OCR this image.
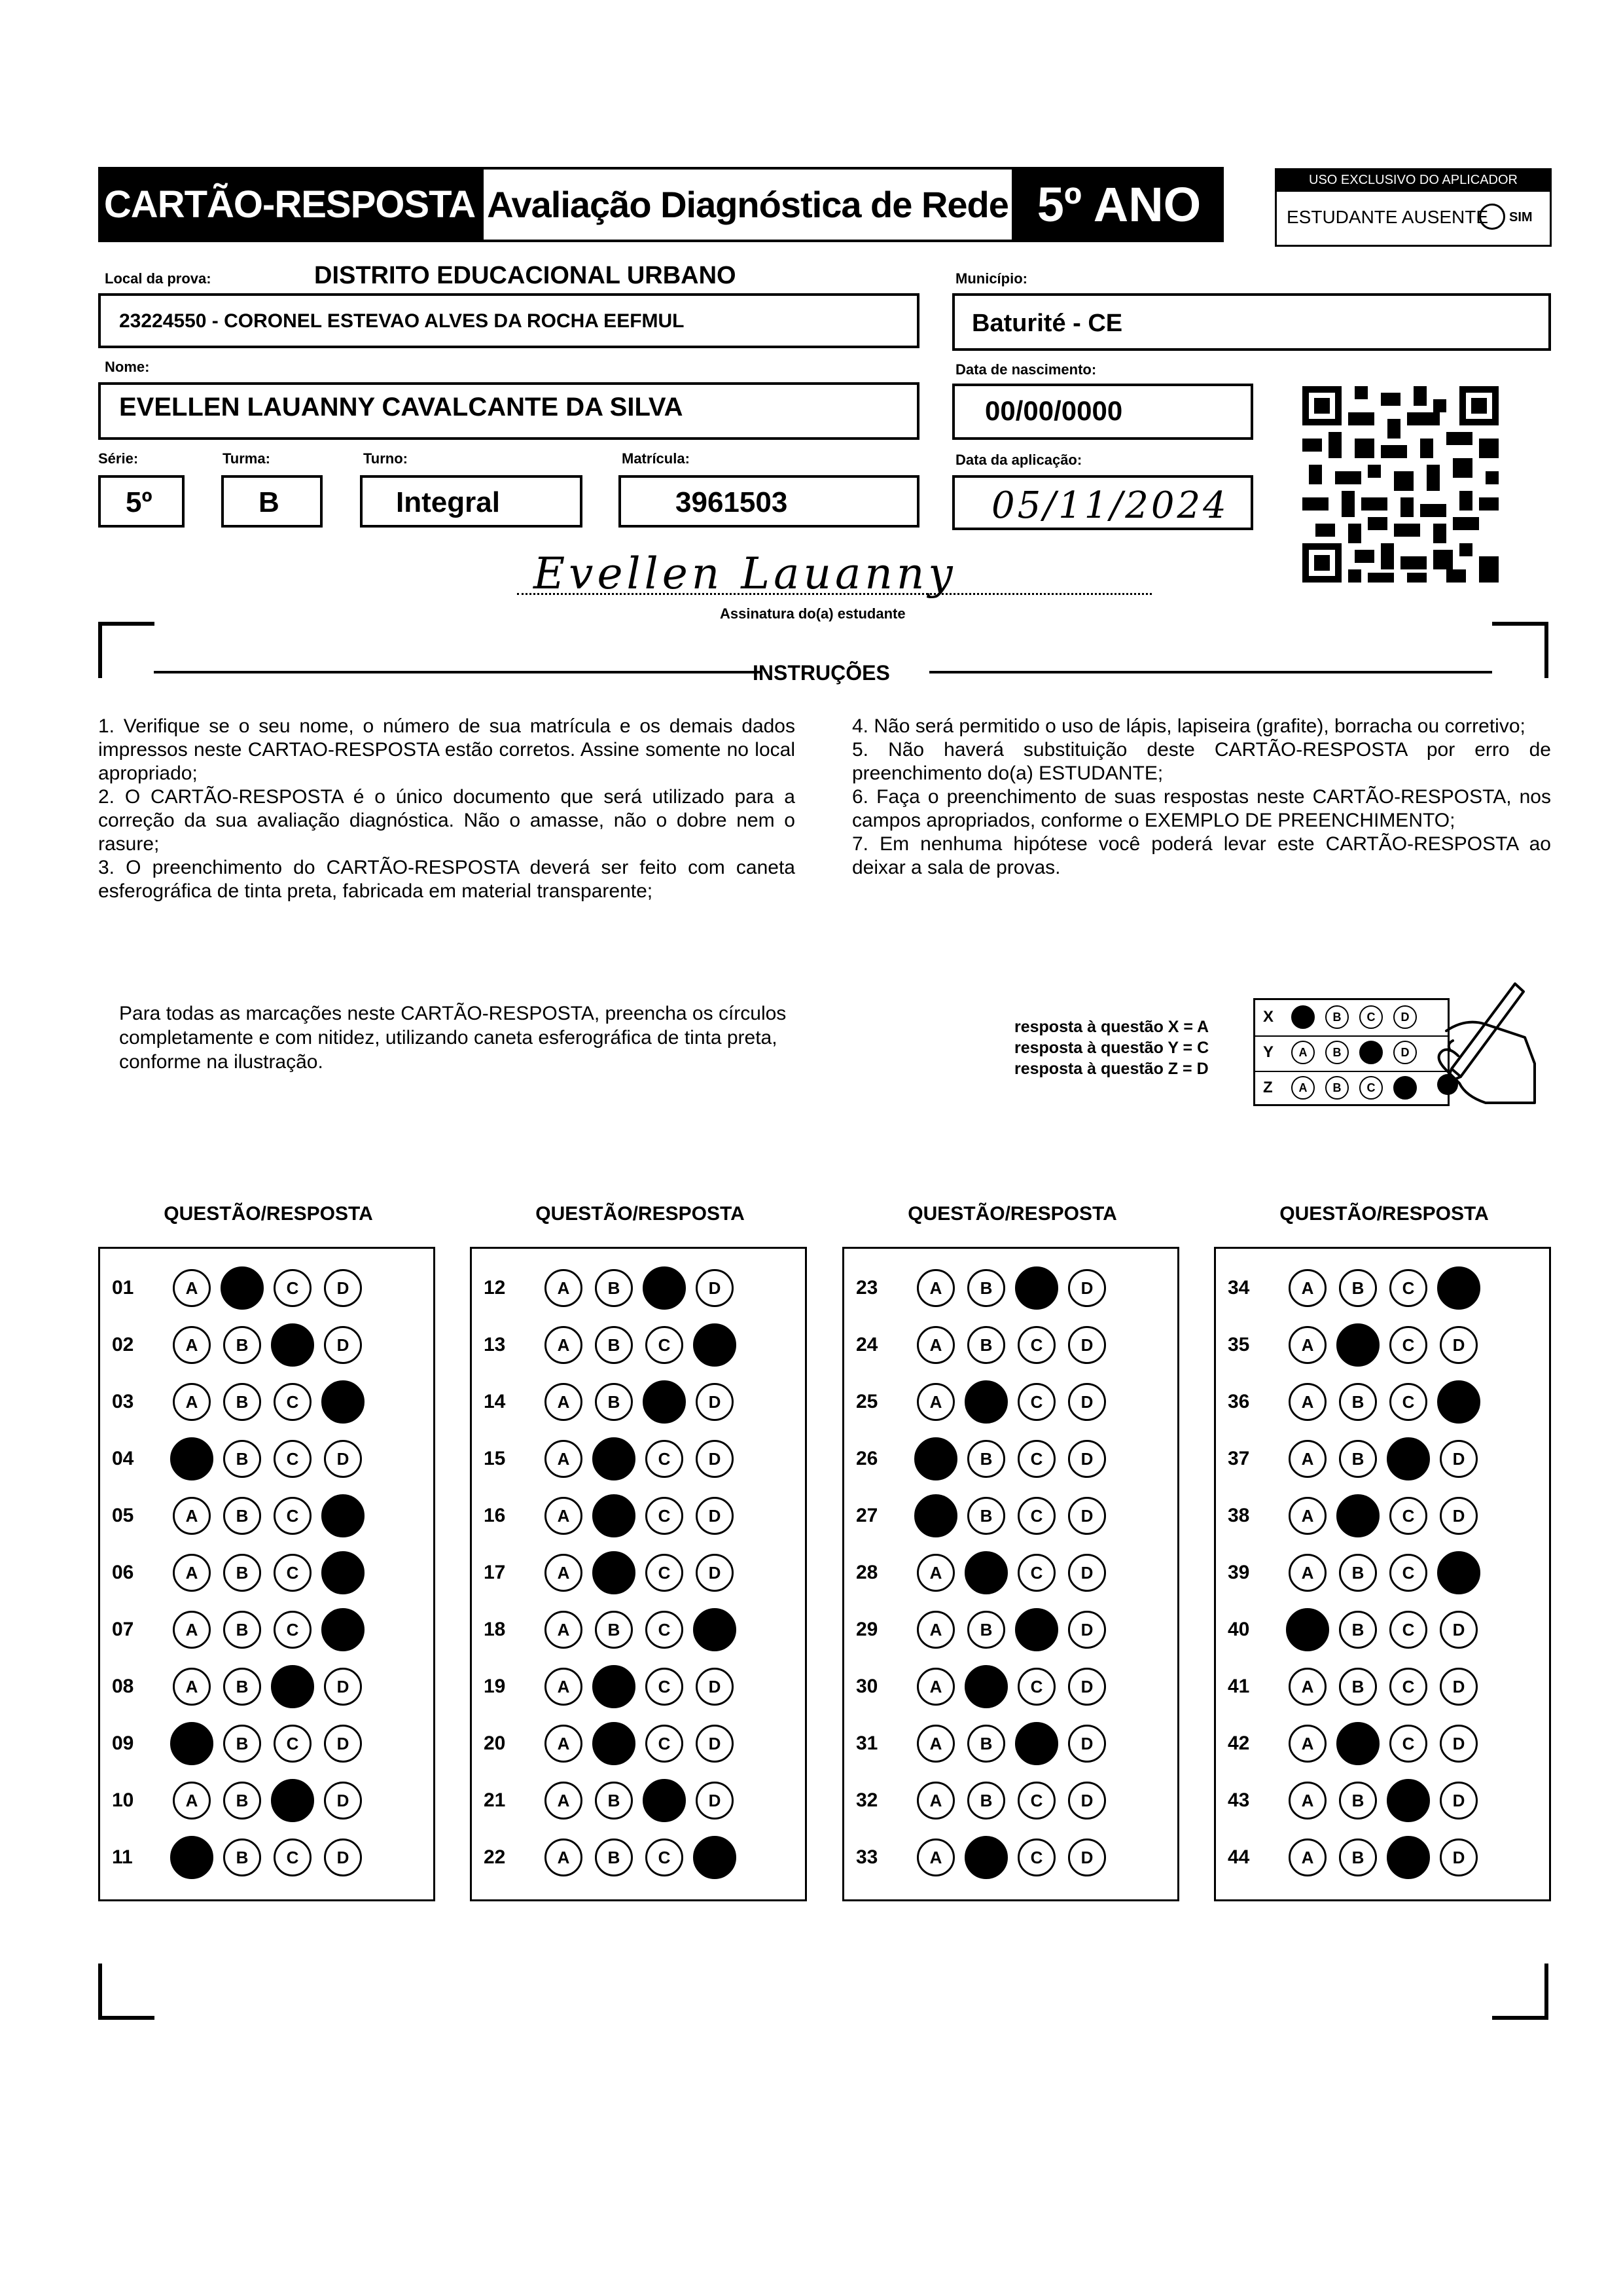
CARTÃO-RESPOSTA Avaliação Diagnóstica de Rede 5º ANO	USO EXCLUSIVO DO APLICADOR
ESTUDANTE AUSENTE SIM
Local da prova:	DISTRITO EDUCACIONAL URBANO
23224550 - CORONEL ESTEVAO ALVES DA ROCHA EEFMUL
Município:
Baturité - CE
Nome:
EVELLEN LAUANNY CAVALCANTE DA SILVA
Data de nascimento:
00/00/0000
Série:
5º
Turma:
B
Turno:
Integral
Matrícula:
3961503
Data da aplicação:
05/11/2024
Evellen Lauanny
Assinatura do(a) estudante
INSTRUÇÕES

1. Verifique se o seu nome, o número de sua matrícula e os demais dados impressos neste CARTAO-RESPOSTA estão corretos. Assine somente no local apropriado;

2. O CARTÃO-RESPOSTA é o único documento que será utilizado para a correção da sua avaliação diagnóstica. Não o amasse, não o dobre nem o rasure;

3. O preenchimento do CARTÃO-RESPOSTA deverá ser feito com caneta esferográfica de tinta preta, fabricada em material transparente;

4. Não será permitido o uso de lápis, lapiseira (grafite), borracha ou corretivo;

5. Não haverá substituição deste CARTÃO-RESPOSTA por erro de preenchimento do(a) ESTUDANTE;

6. Faça o preenchimento de suas respostas neste CARTÃO-RESPOSTA, nos campos apropriados, conforme o EXEMPLO DE PREENCHIMENTO;

7. Em nenhuma hipótese você poderá levar este CARTÃO-RESPOSTA ao deixar a sala de provas.

Para todas as marcações neste CARTÃO-RESPOSTA, preencha os círculos completamente e com nitidez, utilizando caneta esferográfica de tinta preta, conforme na ilustração.
resposta à questão X = A
resposta à questão Y = C
resposta à questão Z = D
X	A	B	C	D
Y	A	B	C	D
Z	A	B	C	D
QUESTÃO/RESPOSTA
01	A	B	C	D
02	A	B	C	D
03	A	B	C	D
04	A	B	C	D
05	A	B	C	D
06	A	B	C	D
07	A	B	C	D
08	A	B	C	D
09	A	B	C	D
10	A	B	C	D
11	A	B	C	D
QUESTÃO/RESPOSTA
12	A	B	C	D
13	A	B	C	D
14	A	B	C	D
15	A	B	C	D
16	A	B	C	D
17	A	B	C	D
18	A	B	C	D
19	A	B	C	D
20	A	B	C	D
21	A	B	C	D
22	A	B	C	D
QUESTÃO/RESPOSTA
23	A	B	C	D
24	A	B	C	D
25	A	B	C	D
26	A	B	C	D
27	A	B	C	D
28	A	B	C	D
29	A	B	C	D
30	A	B	C	D
31	A	B	C	D
32	A	B	C	D
33	A	B	C	D
QUESTÃO/RESPOSTA
34	A	B	C	D
35	A	B	C	D
36	A	B	C	D
37	A	B	C	D
38	A	B	C	D
39	A	B	C	D
40	A	B	C	D
41	A	B	C	D
42	A	B	C	D
43	A	B	C	D
44	A	B	C	D
